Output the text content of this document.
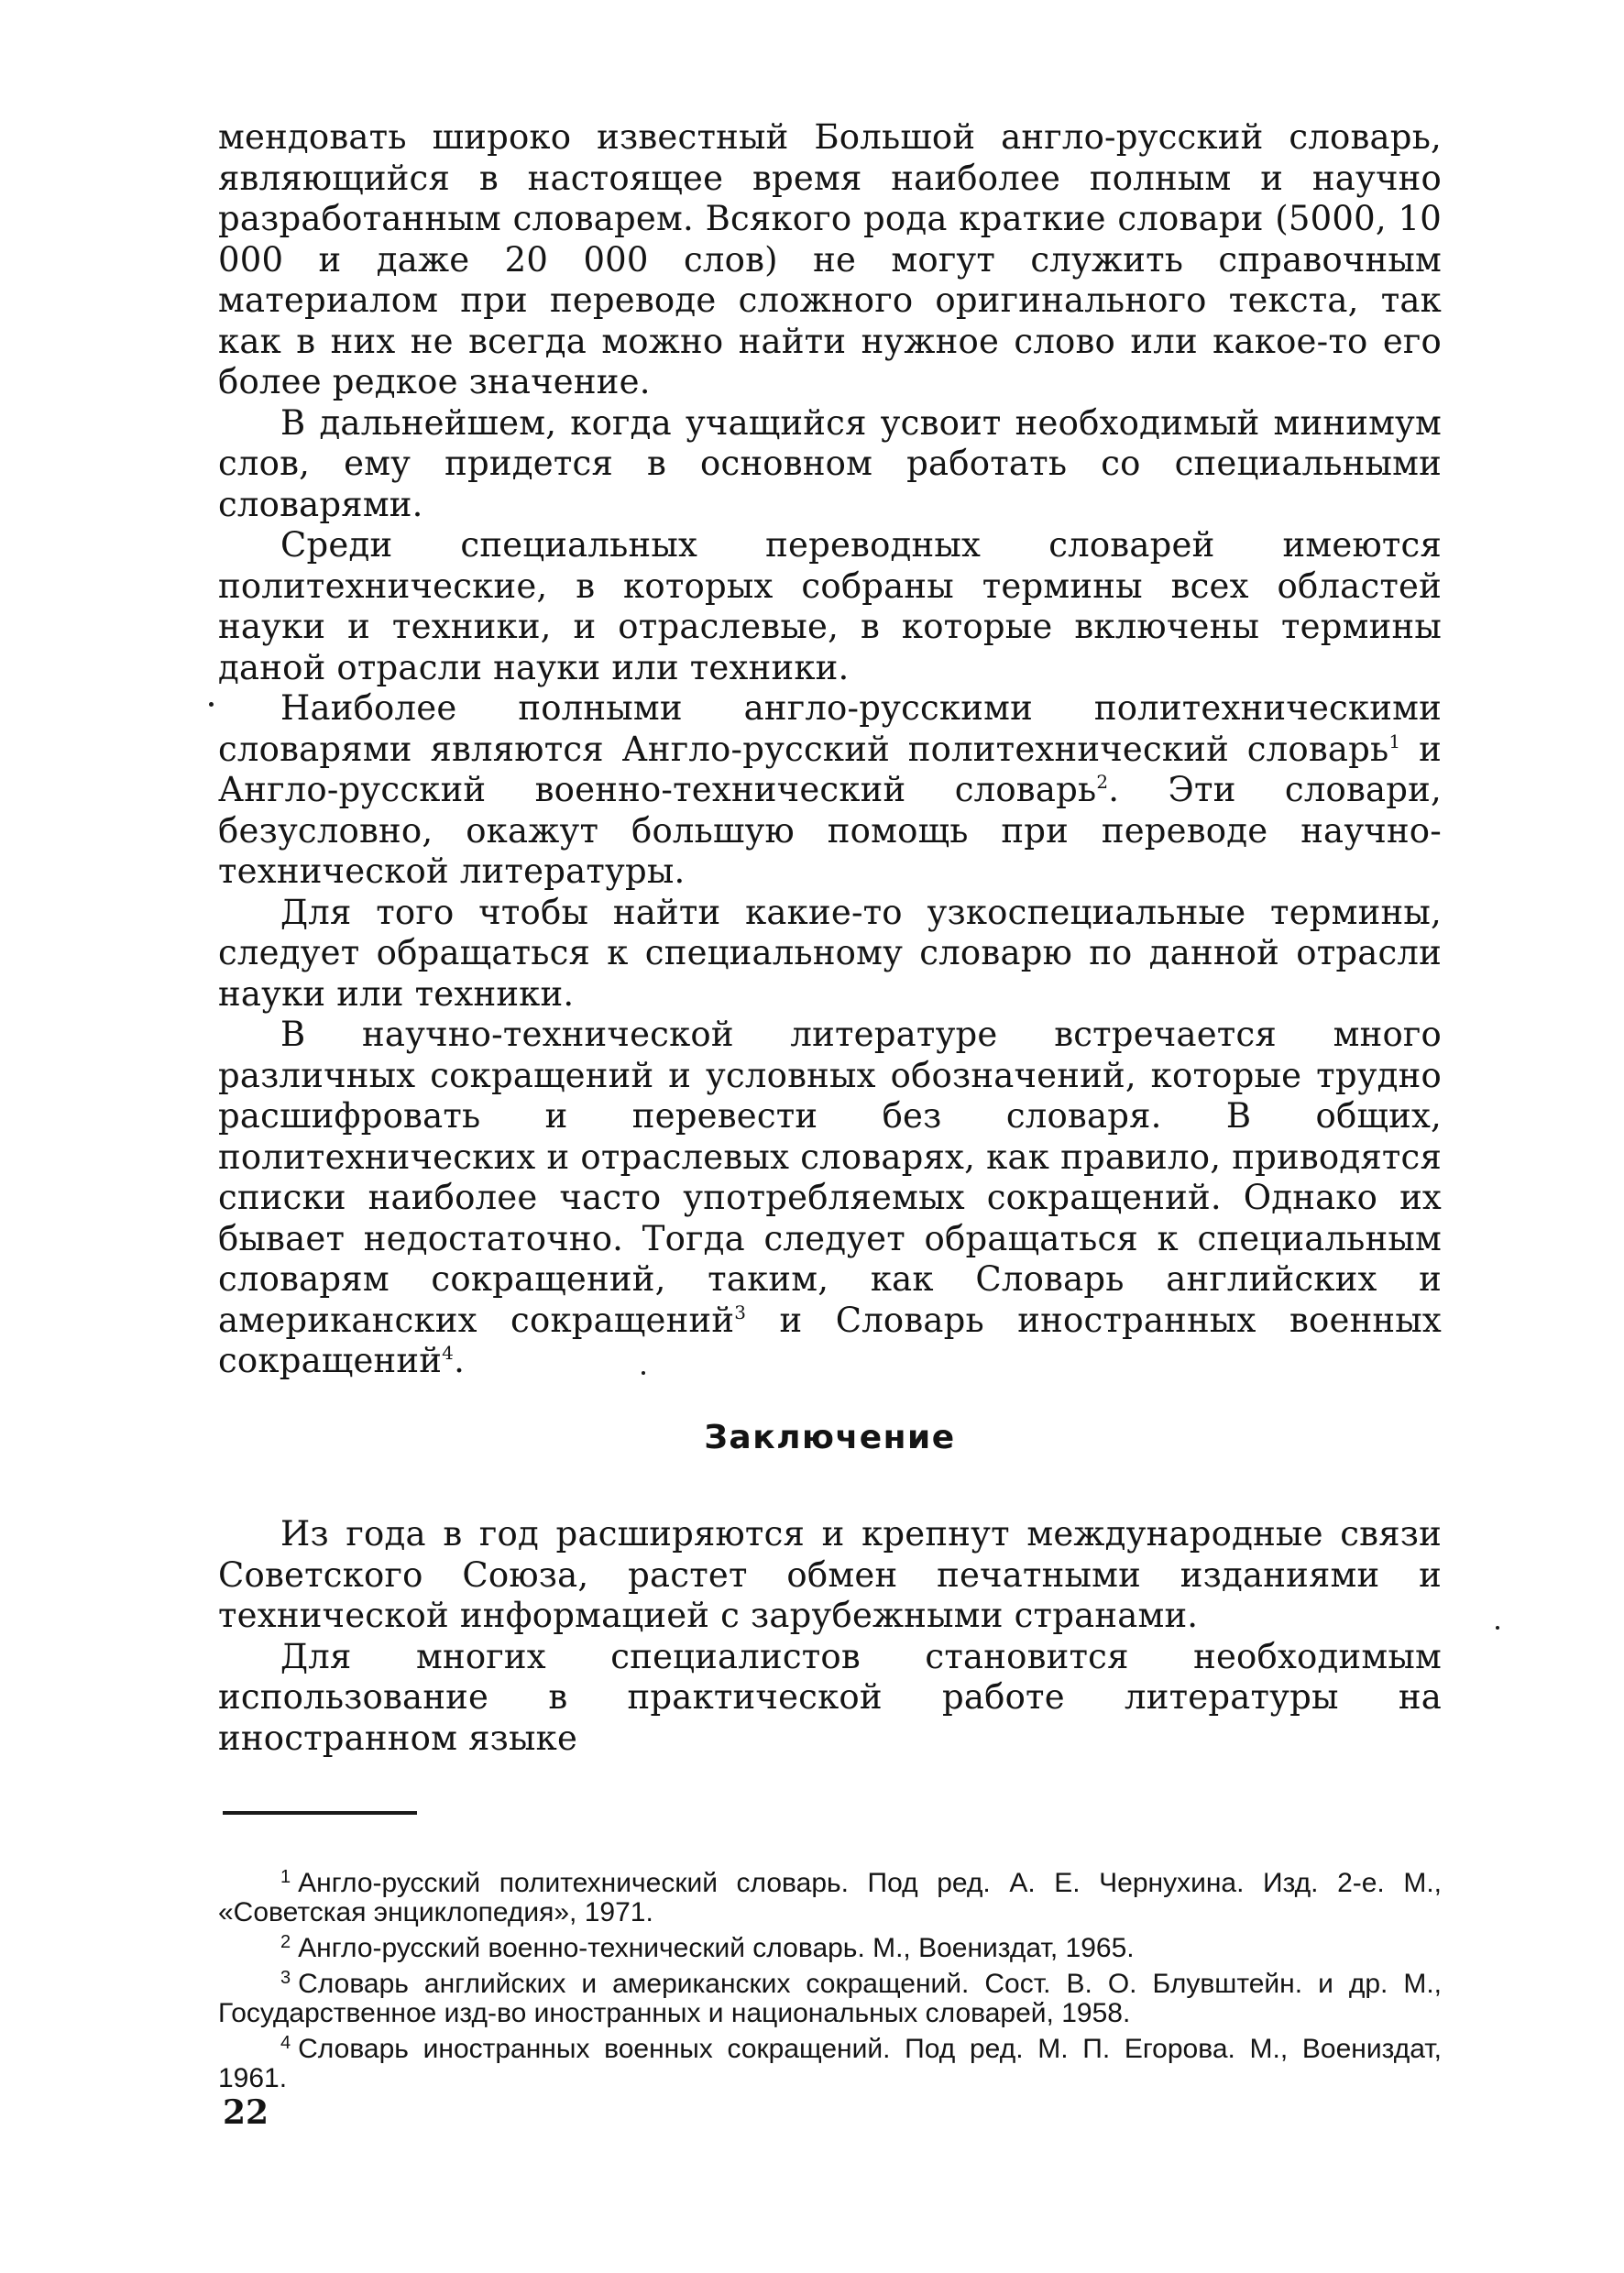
мендовать широко известный Большой англо-русский словарь, являющийся в настоящее время наиболее полным и научно разработанным словарем. Всякого рода краткие словари (5000, 10 000 и даже 20 000 слов) не могут служить справочным материалом при переводе сложного оригинального текста, так как в них не всегда можно найти нужное слово или какое-то его более редкое значение.

В дальнейшем, когда учащийся усвоит необходимый минимум слов, ему придется в основном работать со специальными словарями.

Среди специальных переводных словарей имеются политехнические, в которых собраны термины всех областей науки и техники, и отраслевые, в которые включены термины даной отрасли науки или техники.

Наиболее полными англо-русскими политехническими словарями являются Англо-русский политехнический словарь$^1$ и Англо-русский военно-технический словарь$^2$. Эти словари, безусловно, окажут большую помощь при переводе научно-технической литературы.

Для того чтобы найти какие-то узкоспециальные термины, следует обращаться к специальному словарю по данной отрасли науки или техники.

В научно-технической литературе встречается много различных сокращений и условных обозначений, которые трудно расшифровать и перевести без словаря. В общих, политехнических и отраслевых словарях, как правило, приводятся списки наиболее часто употребляемых сокращений. Однако их бывает недостаточно. Тогда следует обращаться к специальным словарям сокращений, таким, как Словарь английских и американских сокращений$^3$ и Словарь иностранных военных сокращений$^4$.

Заключение

Из года в год расширяются и крепнут международные связи Советского Союза, растет обмен печатными изданиями и технической информацией с зарубежными странами.

Для многих специалистов становится необходимым использование в практической работе литературы на иностранном языке

$^1$ Англо-русский политехнический словарь. Под ред. А. Е. Чернухина. Изд. 2-е. М., «Советская энциклопедия», 1971.

$^2$ Англо-русский военно-технический словарь. М., Воениздат, 1965.

$^3$ Словарь английских и американских сокращений. Сост. В. О. Блувштейн. и др. М., Государственное изд-во иностранных и национальных словарей, 1958.

$^4$ Словарь иностранных военных сокращений. Под ред. М. П. Егорова. М., Воениздат, 1961.

22
